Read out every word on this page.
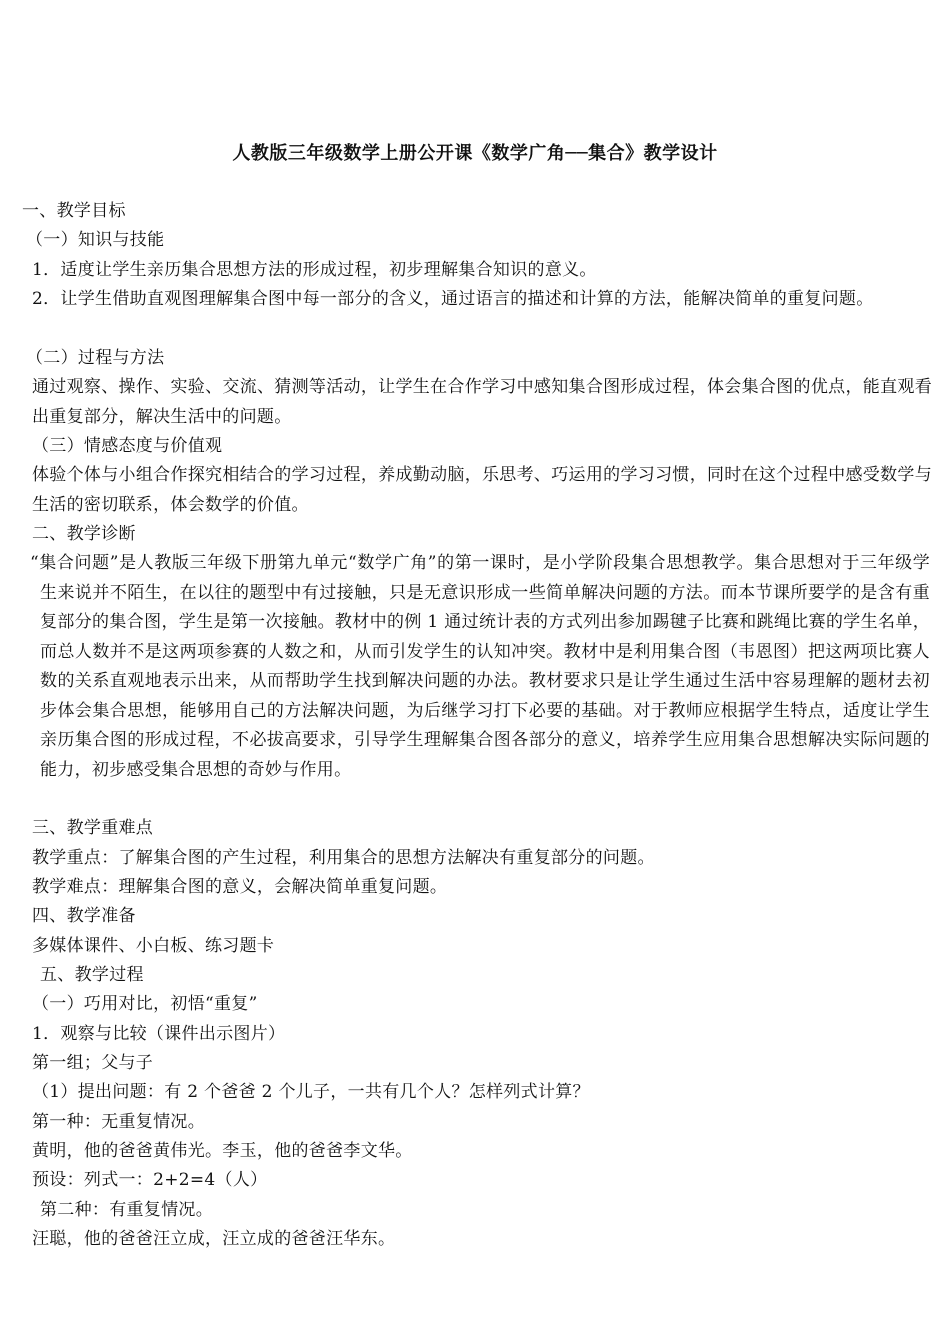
人教版三年级数学上册公开课《数学广角──集合》教学设计
一、教学目标
（一）知识与技能
1．适度让学生亲历集合思想方法的形成过程，初步理解集合知识的意义。
2．让学生借助直观图理解集合图中每一部分的含义，通过语言的描述和计算的方法，能解决简单的重复问题。
（二）过程与方法
通过观察、操作、实验、交流、猜测等活动，让学生在合作学习中感知集合图形成过程，体会集合图的优点，能直观看出重复部分，解决生活中的问题。
（三）情感态度与价值观
体验个体与小组合作探究相结合的学习过程，养成勤动脑，乐思考、巧运用的学习习惯，同时在这个过程中感受数学与生活的密切联系，体会数学的价值。
二、教学诊断
“集合问题”是人教版三年级下册第九单元“数学广角”的第一课时，是小学阶段集合思想教学。集合思想对于三年级学生来说并不陌生，在以往的题型中有过接触，只是无意识形成一些简单解决问题的方法。而本节课所要学的是含有重复部分的集合图，学生是第一次接触。教材中的例 1 通过统计表的方式列出参加踢毽子比赛和跳绳比赛的学生名单，而总人数并不是这两项参赛的人数之和，从而引发学生的认知冲突。教材中是利用集合图（韦恩图）把这两项比赛人数的关系直观地表示出来，从而帮助学生找到解决问题的办法。教材要求只是让学生通过生活中容易理解的题材去初步体会集合思想，能够用自己的方法解决问题，为后继学习打下必要的基础。对于教师应根据学生特点，适度让学生亲历集合图的形成过程，不必拔高要求，引导学生理解集合图各部分的意义，培养学生应用集合思想解决实际问题的能力，初步感受集合思想的奇妙与作用。
三、教学重难点
教学重点：了解集合图的产生过程，利用集合的思想方法解决有重复部分的问题。
教学难点：理解集合图的意义，会解决简单重复问题。
四、教学准备
多媒体课件、小白板、练习题卡
五、教学过程
（一）巧用对比，初悟“重复”
1．观察与比较（课件出示图片）
第一组；父与子
（1）提出问题：有 2 个爸爸 2 个儿子，一共有几个人？怎样列式计算？
第一种：无重复情况。
黄明，他的爸爸黄伟光。李玉，他的爸爸李文华。
预设：列式一：2+2=4（人）
第二种：有重复情况。
汪聪，他的爸爸汪立成，汪立成的爸爸汪华东。
